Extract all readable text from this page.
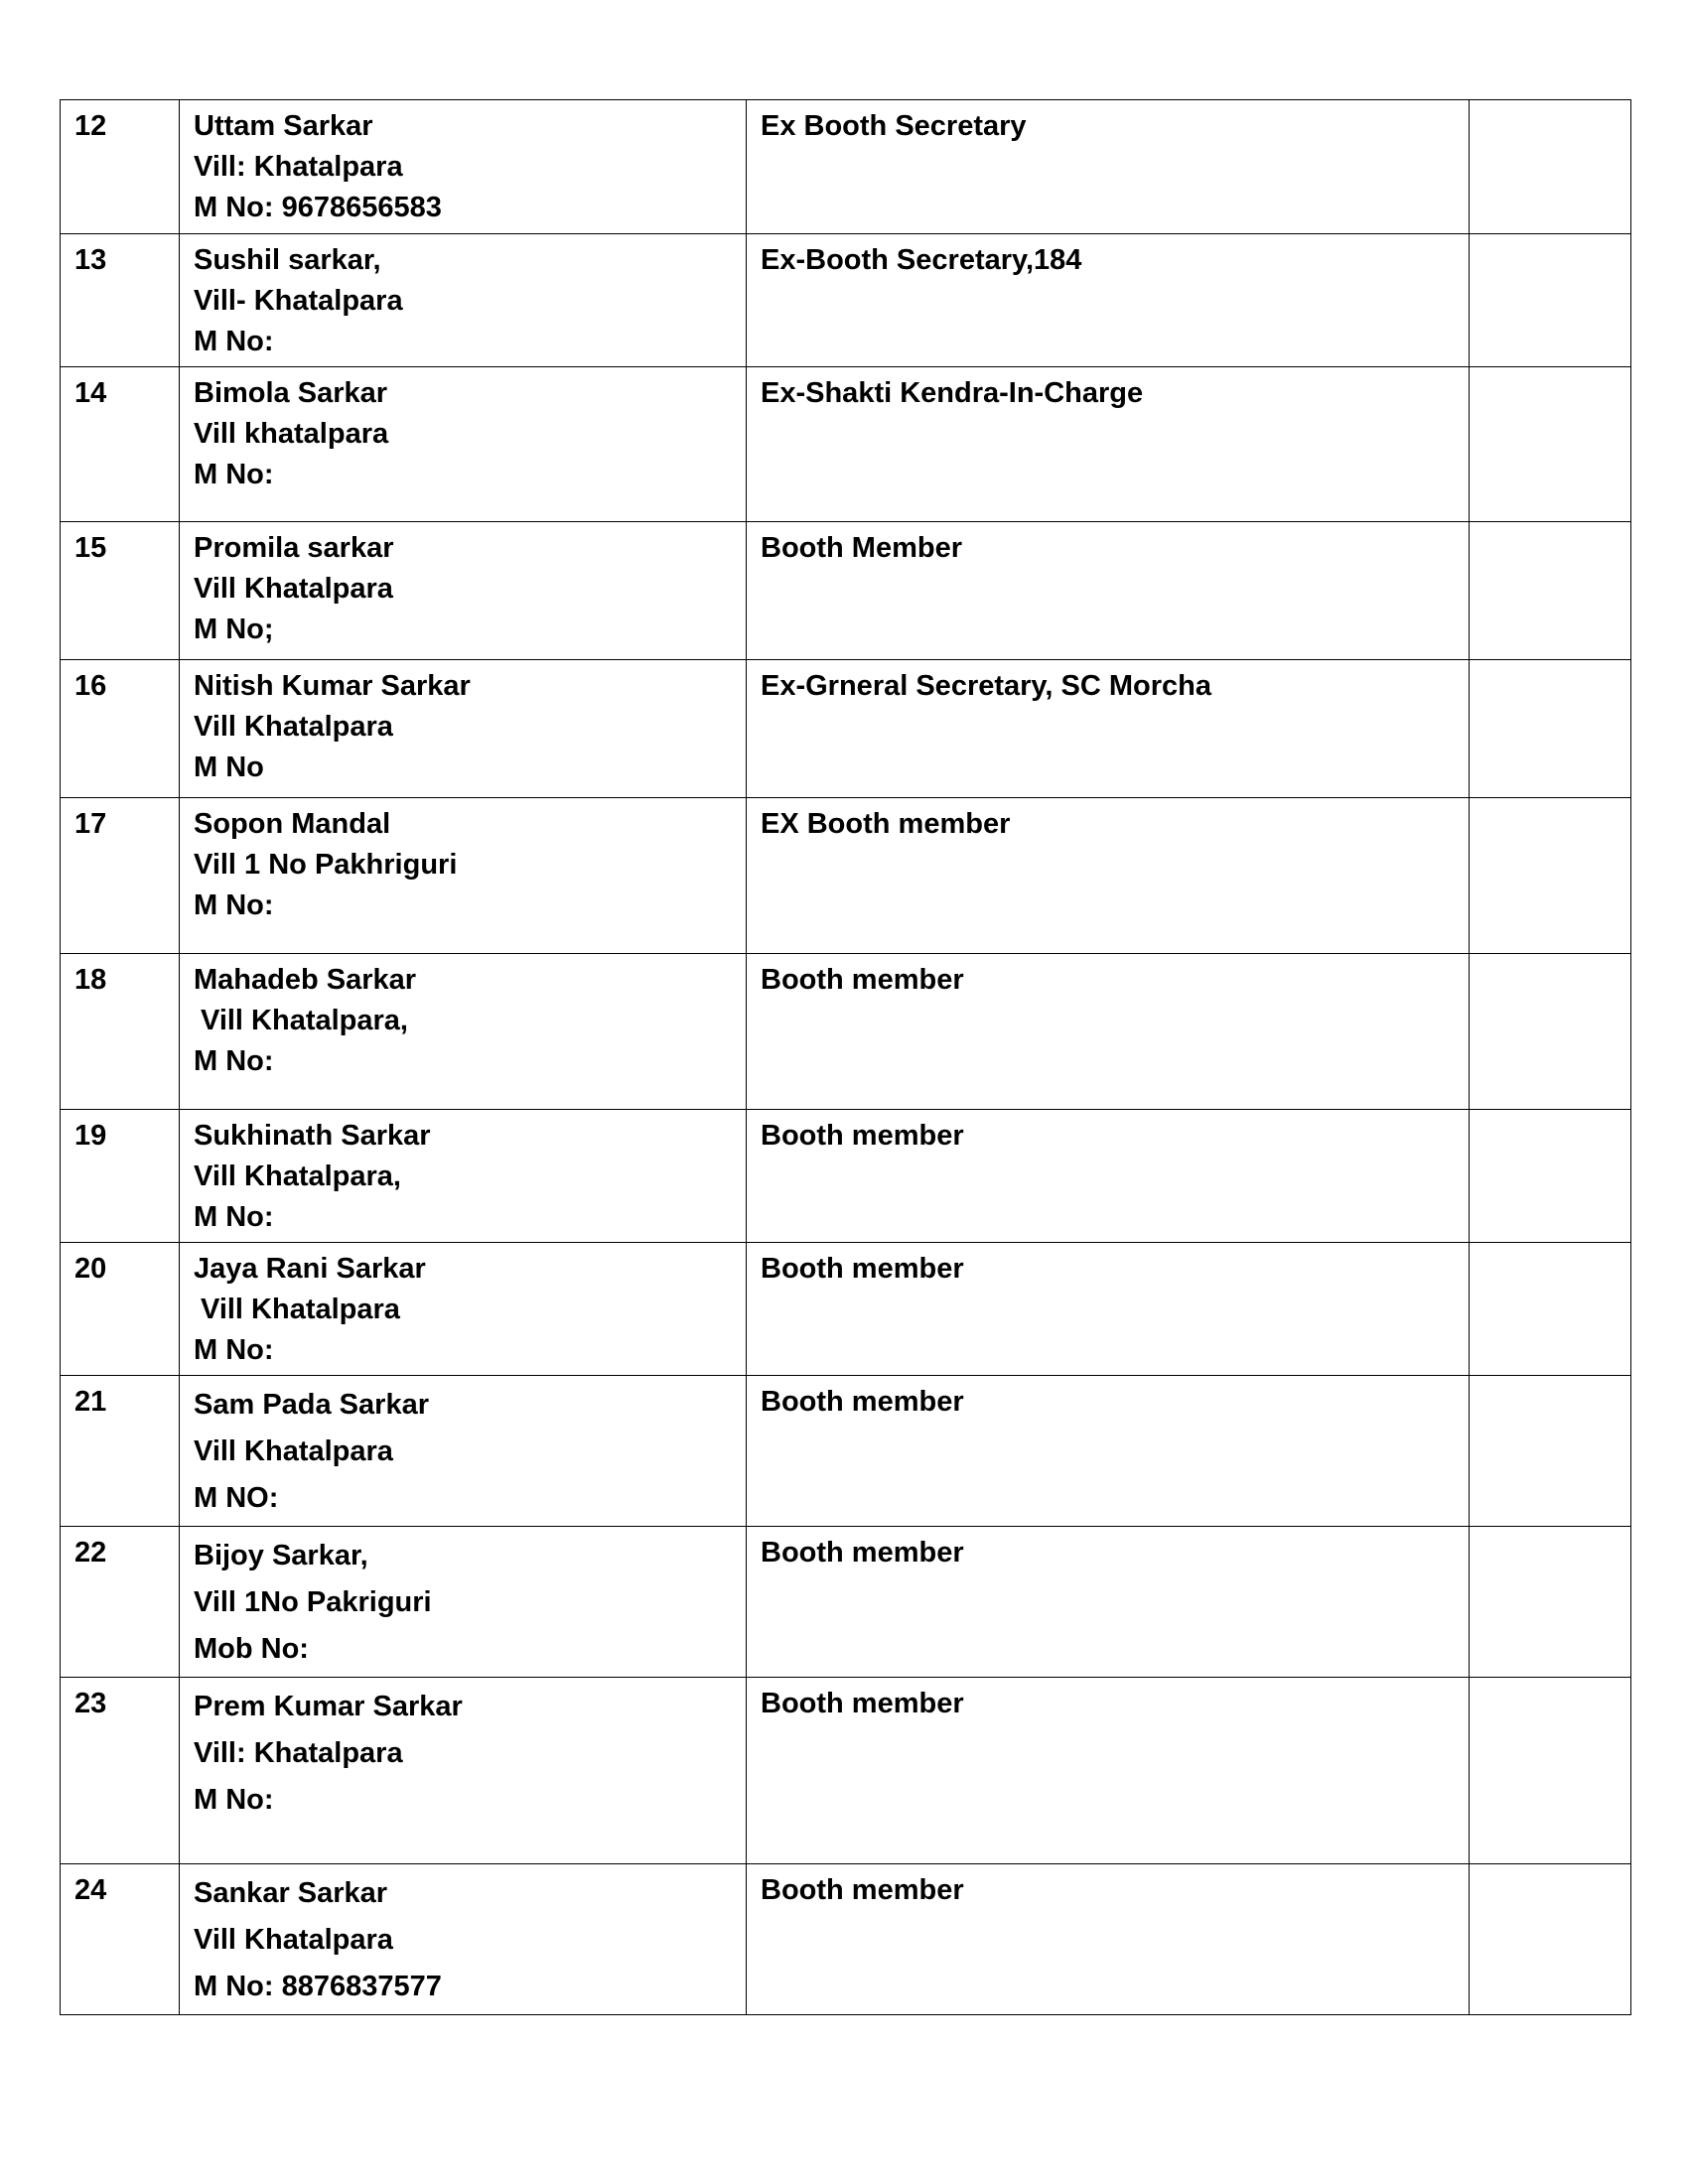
12	Uttam Sarkar
Vill: Khatalpara
M No: 9678656583	Ex Booth Secretary	

13	Sushil sarkar,
Vill- Khatalpara
M No:	Ex-Booth Secretary,184	

14	Bimola Sarkar
Vill khatalpara
M No:	Ex-Shakti Kendra-In-Charge	

15	Promila sarkar
Vill Khatalpara
M No;	Booth Member	

16	Nitish Kumar Sarkar
Vill Khatalpara
M No	Ex-Grneral Secretary, SC Morcha	

17	Sopon Mandal
Vill 1 No Pakhriguri
M No:	EX Booth member	

18	Mahadeb Sarkar
Vill Khatalpara,
M No:	Booth member	

19	Sukhinath Sarkar
Vill Khatalpara,
M No:	Booth member	

20	Jaya Rani Sarkar
Vill Khatalpara
M No:	Booth member	

21	Sam Pada Sarkar
Vill Khatalpara
M NO:	Booth member	

22	Bijoy Sarkar,
Vill 1No Pakriguri
Mob No:	Booth member	

23	Prem Kumar Sarkar
Vill: Khatalpara
M No:	Booth member	

24	Sankar Sarkar
Vill Khatalpara
M No: 8876837577	Booth member	
